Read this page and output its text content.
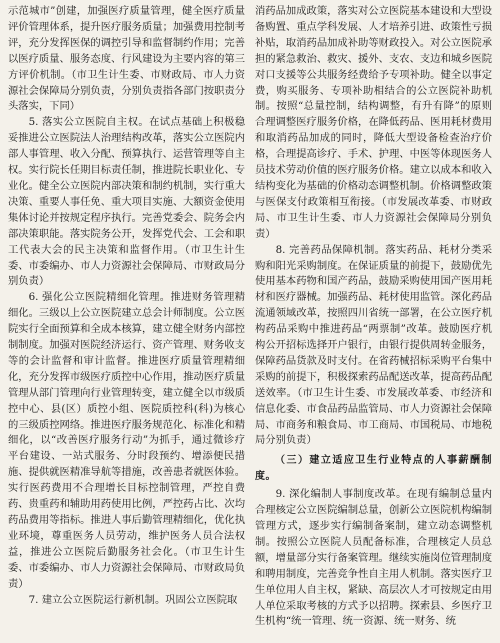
示范城市”创建，加强医疗质量管理，健全医疗质量评价管理体系，提升医疗服务质量；加强费用控制考评，充分发挥医保的调控引导和监督制约作用；完善以医疗质量、服务态度、行风建设为主要内容的第三方评价机制。（市卫生计生委、市财政局、市人力资源社会保障局分别负责，分别负责指各部门按职责分头落实，下同）

5. 落实公立医院自主权。在试点基础上积极稳妥推进公立医院法人治理结构改革，落实公立医院内部人事管理、收入分配、预算执行、运营管理等自主权。实行院长任期目标责任制，推进院长职业化、专业化。健全公立医院内部决策和制约机制，实行重大决策、重要人事任免、重大项目实施、大额资金使用集体讨论并按规定程序执行。完善党委会、院务会内部决策职能。落实院务公开，发挥党代会、工会和职工代表大会的民主决策和监督作用。（市卫生计生委、市委编办、市人力资源社会保障局、市财政局分别负责）

6. 强化公立医院精细化管理。推进财务管理精细化。三级以上公立医院建立总会计师制度。公立医院实行全面预算和全成本核算，建立健全财务内部控制制度。加强对医院经济运行、资产管理、财务收支等的会计监督和审计监督。推进医疗质量管理精细化，充分发挥市级医疗质控中心作用，推动医疗质量管理从部门管理向行业管理转变，建立健全以市级质控中心、县(区）质控小组、医院质控科(科)为核心的三级质控网络。推进医疗服务规范化、标准化和精细化，以“改善医疗服务行动”为抓手，通过微诊疗平台建设、一站式服务、分时段预约、增添便民措施、提供就医精准导航等措施，改善患者就医体验。实行医药费用不合理增长目标控制管理，严控自费药、贵重药和辅助用药使用比例，严控药占比、次均药品费用等指标。推进人事后勤管理精细化，优化执业环境，尊重医务人员劳动，维护医务人员合法权益，推进公立医院后勤服务社会化。（市卫生计生委、市委编办、市人力资源社会保障局、市财政局负责）

7. 建立公立医院运行新机制。巩固公立医院取

消药品加成政策，落实对公立医院基本建设和大型设备购置、重点学科发展、人才培养引进、政策性亏损补贴，取消药品加成补助等财政投入。对公立医院承担的紧急救治、救灾、援外、支农、支边和城乡医院对口支援等公共服务经费给予专项补助。健全以事定费，购买服务、专项补助相结合的公立医院补助机制。按照“总量控制，结构调整，有升有降”的原则合理调整医疗服务价格，在降低药品、医用耗材费用和取消药品加成的同时，降低大型设备检查治疗价格，合理提高诊疗、手术、护理、中医等体现医务人员技术劳动价值的医疗服务价格。建立以成本和收入结构变化为基础的价格动态调整机制。价格调整政策与医保支付政策相互衔接。（市发展改革委、市财政局、市卫生计生委、市人力资源社会保障局分别负责）

8. 完善药品保障机制。落实药品、耗材分类采购和阳光采购制度。在保证质量的前提下，鼓励优先使用基本药物和国产药品，鼓励采购使用国产医用耗材和医疗器械。加强药品、耗材使用监管。深化药品流通领域改革，按照四川省统一部署，在公立医疗机构药品采购中推进药品“两票制”改革。鼓励医疗机构公开招标选择开户银行，由银行提供周转金服务，保障药品货款及时支付。在省药械招标采购平台集中采购的前提下，积极探索药品配送改革，提高药品配送效率。（市卫生计生委、市发展改革委、市经济和信息化委、市食品药品监管局、市人力资源社会保障局、市商务和粮食局、市工商局、市国税局、市地税局分别负责）

（三）建立适应卫生行业特点的人事薪酬制度。

9. 深化编制人事制度改革。在现有编制总量内合理核定公立医院编制总量，创新公立医院机构编制管理方式，逐步实行编制备案制，建立动态调整机制。按照公立医院人员配备标准，合理核定人员总额，增量部分实行备案管理。继续实施岗位管理制度和聘用制度，完善竞争性自主用人机制。落实医疗卫生单位用人自主权，紧缺、高层次人才可按规定由用人单位采取考核的方式予以招聘。探索县、乡医疗卫生机构“统一管理、统一资源、统一财务、统
